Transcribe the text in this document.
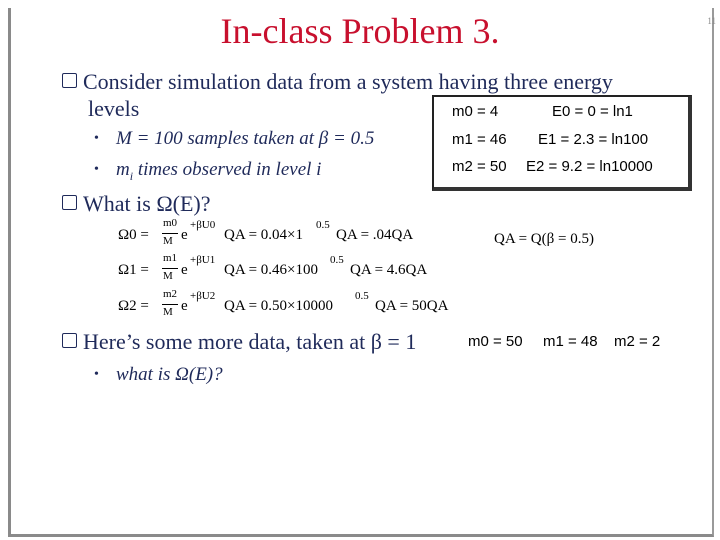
11
In-class Problem 3.
Consider simulation data from a system having three energy
levels
• M = 100 samples taken at β = 0.5
• $m_i$ times observed in level i
m0 = 4	E0 = 0 = ln1
m1 = 46 E1 = 2.3 = ln100
m2 = 50 E2 = 9.2 = ln10000
What is Ω(E)?
Ω0 =
m0
M e
+βU0
QA = 0.04×1
0.5
QA = .04QA	QA = Q(β = 0.5)
Ω1 =
m1
M e
+βU1
QA = 0.46×100
0.5
QA = 4.6QA
Ω2 =
m2
M e
+βU2
QA = 0.50×10000
0.5
QA = 50QA
Here’s some more data, taken at β = 1	m0 = 50 m1 = 48 m2 = 2
• what is Ω(E)?
